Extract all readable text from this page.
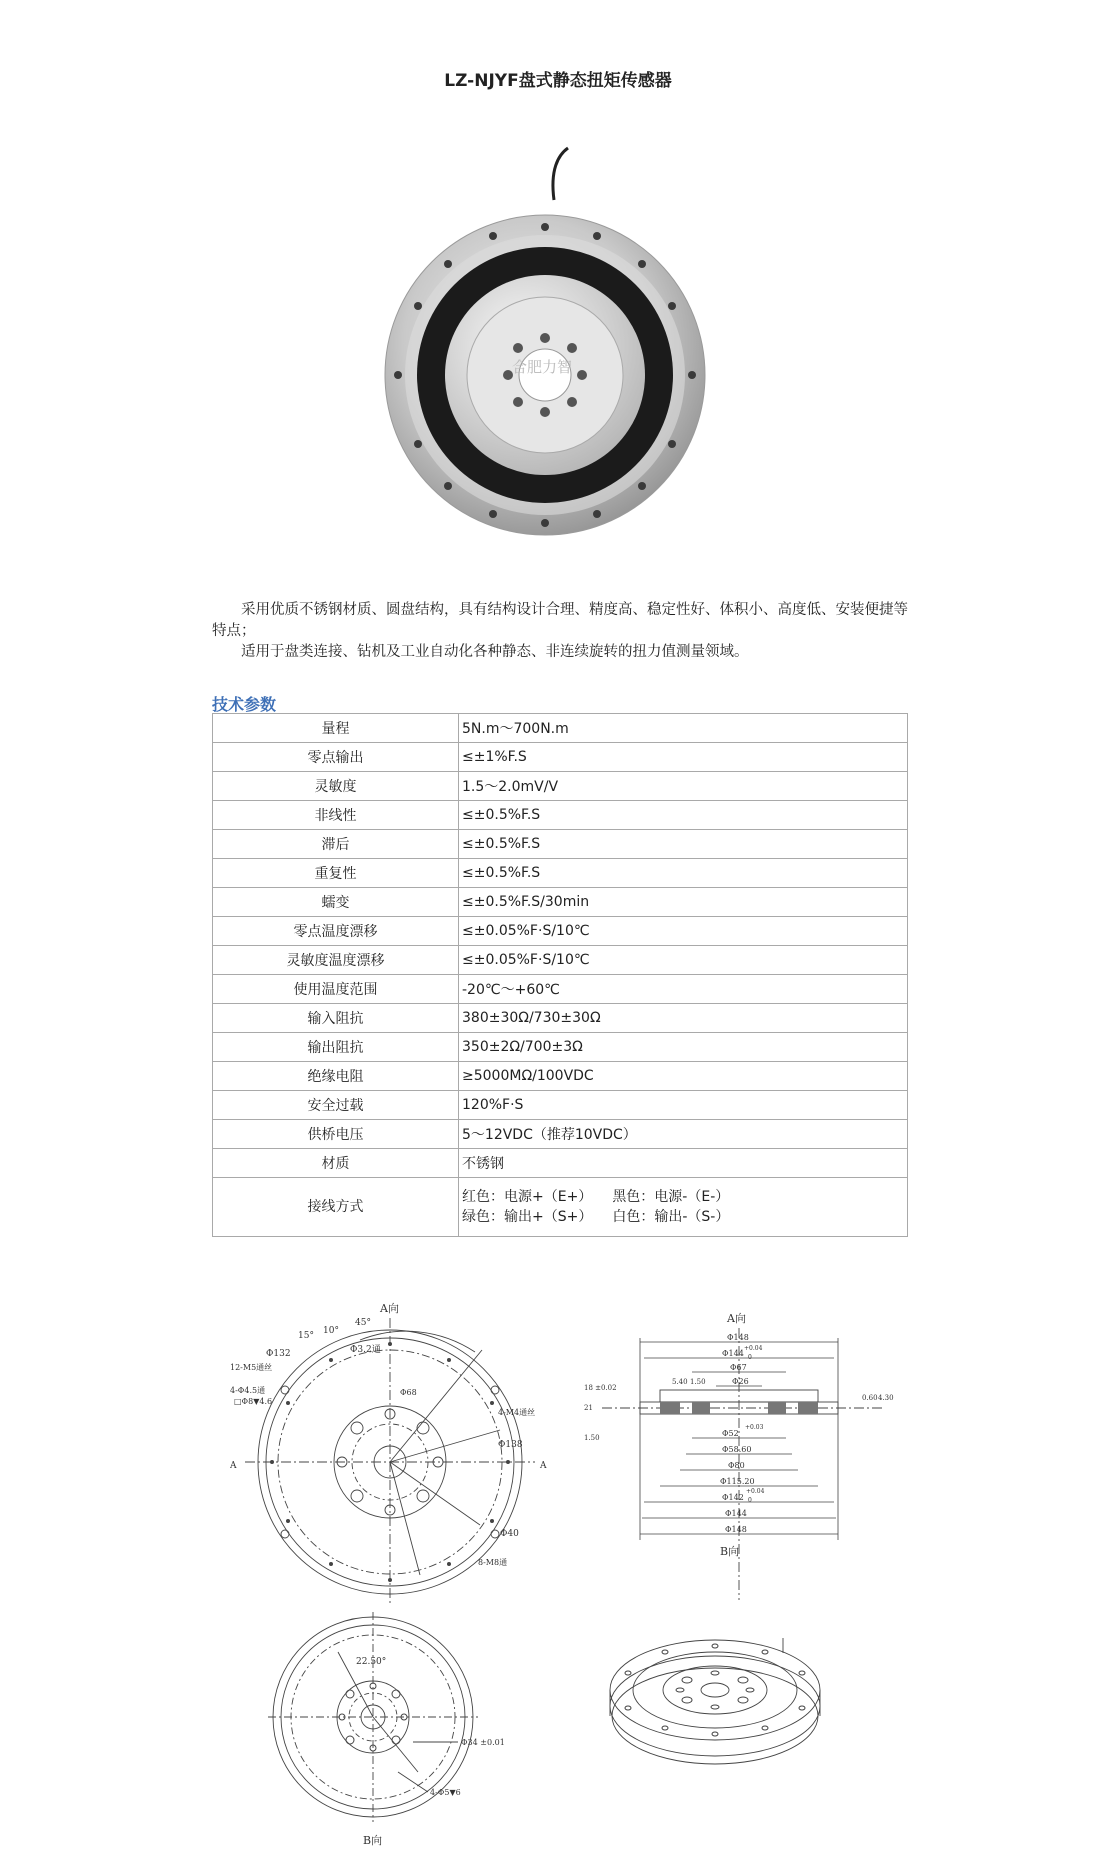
LZ-NJYF盘式静态扭矩传感器
合肥力智

采用优质不锈钢材质、圆盘结构，具有结构设计合理、精度高、稳定性好、体积小、高度低、安装便捷等特点；

适用于盘类连接、钻机及工业自动化各种静态、非连续旋转的扭力值测量领域。

技术参数
量程	5N.m～700N.m
零点输出	≤±1%F.S
灵敏度	1.5～2.0mV/V
非线性	≤±0.5%F.S
滞后	≤±0.5%F.S
重复性	≤±0.5%F.S
蠕变	≤±0.5%F.S/30min
零点温度漂移	≤±0.05%F·S/10℃
灵敏度温度漂移	≤±0.05%F·S/10℃
使用温度范围	-20℃～+60℃
输入阻抗	380±30Ω/730±30Ω
输出阻抗	350±2Ω/700±3Ω
绝缘电阻	≥5000MΩ/100VDC
安全过载	120%F·S
供桥电压	5～12VDC（推荐10VDC）
材质	不锈钢
接线方式	红色：电源+（E+） 黑色：电源-（E-）
绿色：输出+（S+） 白色：输出-（S-）
A向
15° 10°
45°
Φ132	Φ3.2通
12-M5通丝
4-Φ4.5通
□Φ8▼4.6
A	A
Φ68
4-M4通丝
Φ138
Φ40
8-M8通
A向
Φ148
Φ144
+0.04
0
Φ67
Φ26
5.40 1.50
18 ±0.02
21
1.50	Φ52
+0.03
Φ58.60
Φ80
Φ115.20
Φ142
+0.04
0
Φ144
Φ148
0.60 4.30
B向
22.50°
Φ34 ±0.01
4-Φ5▼6
B向
